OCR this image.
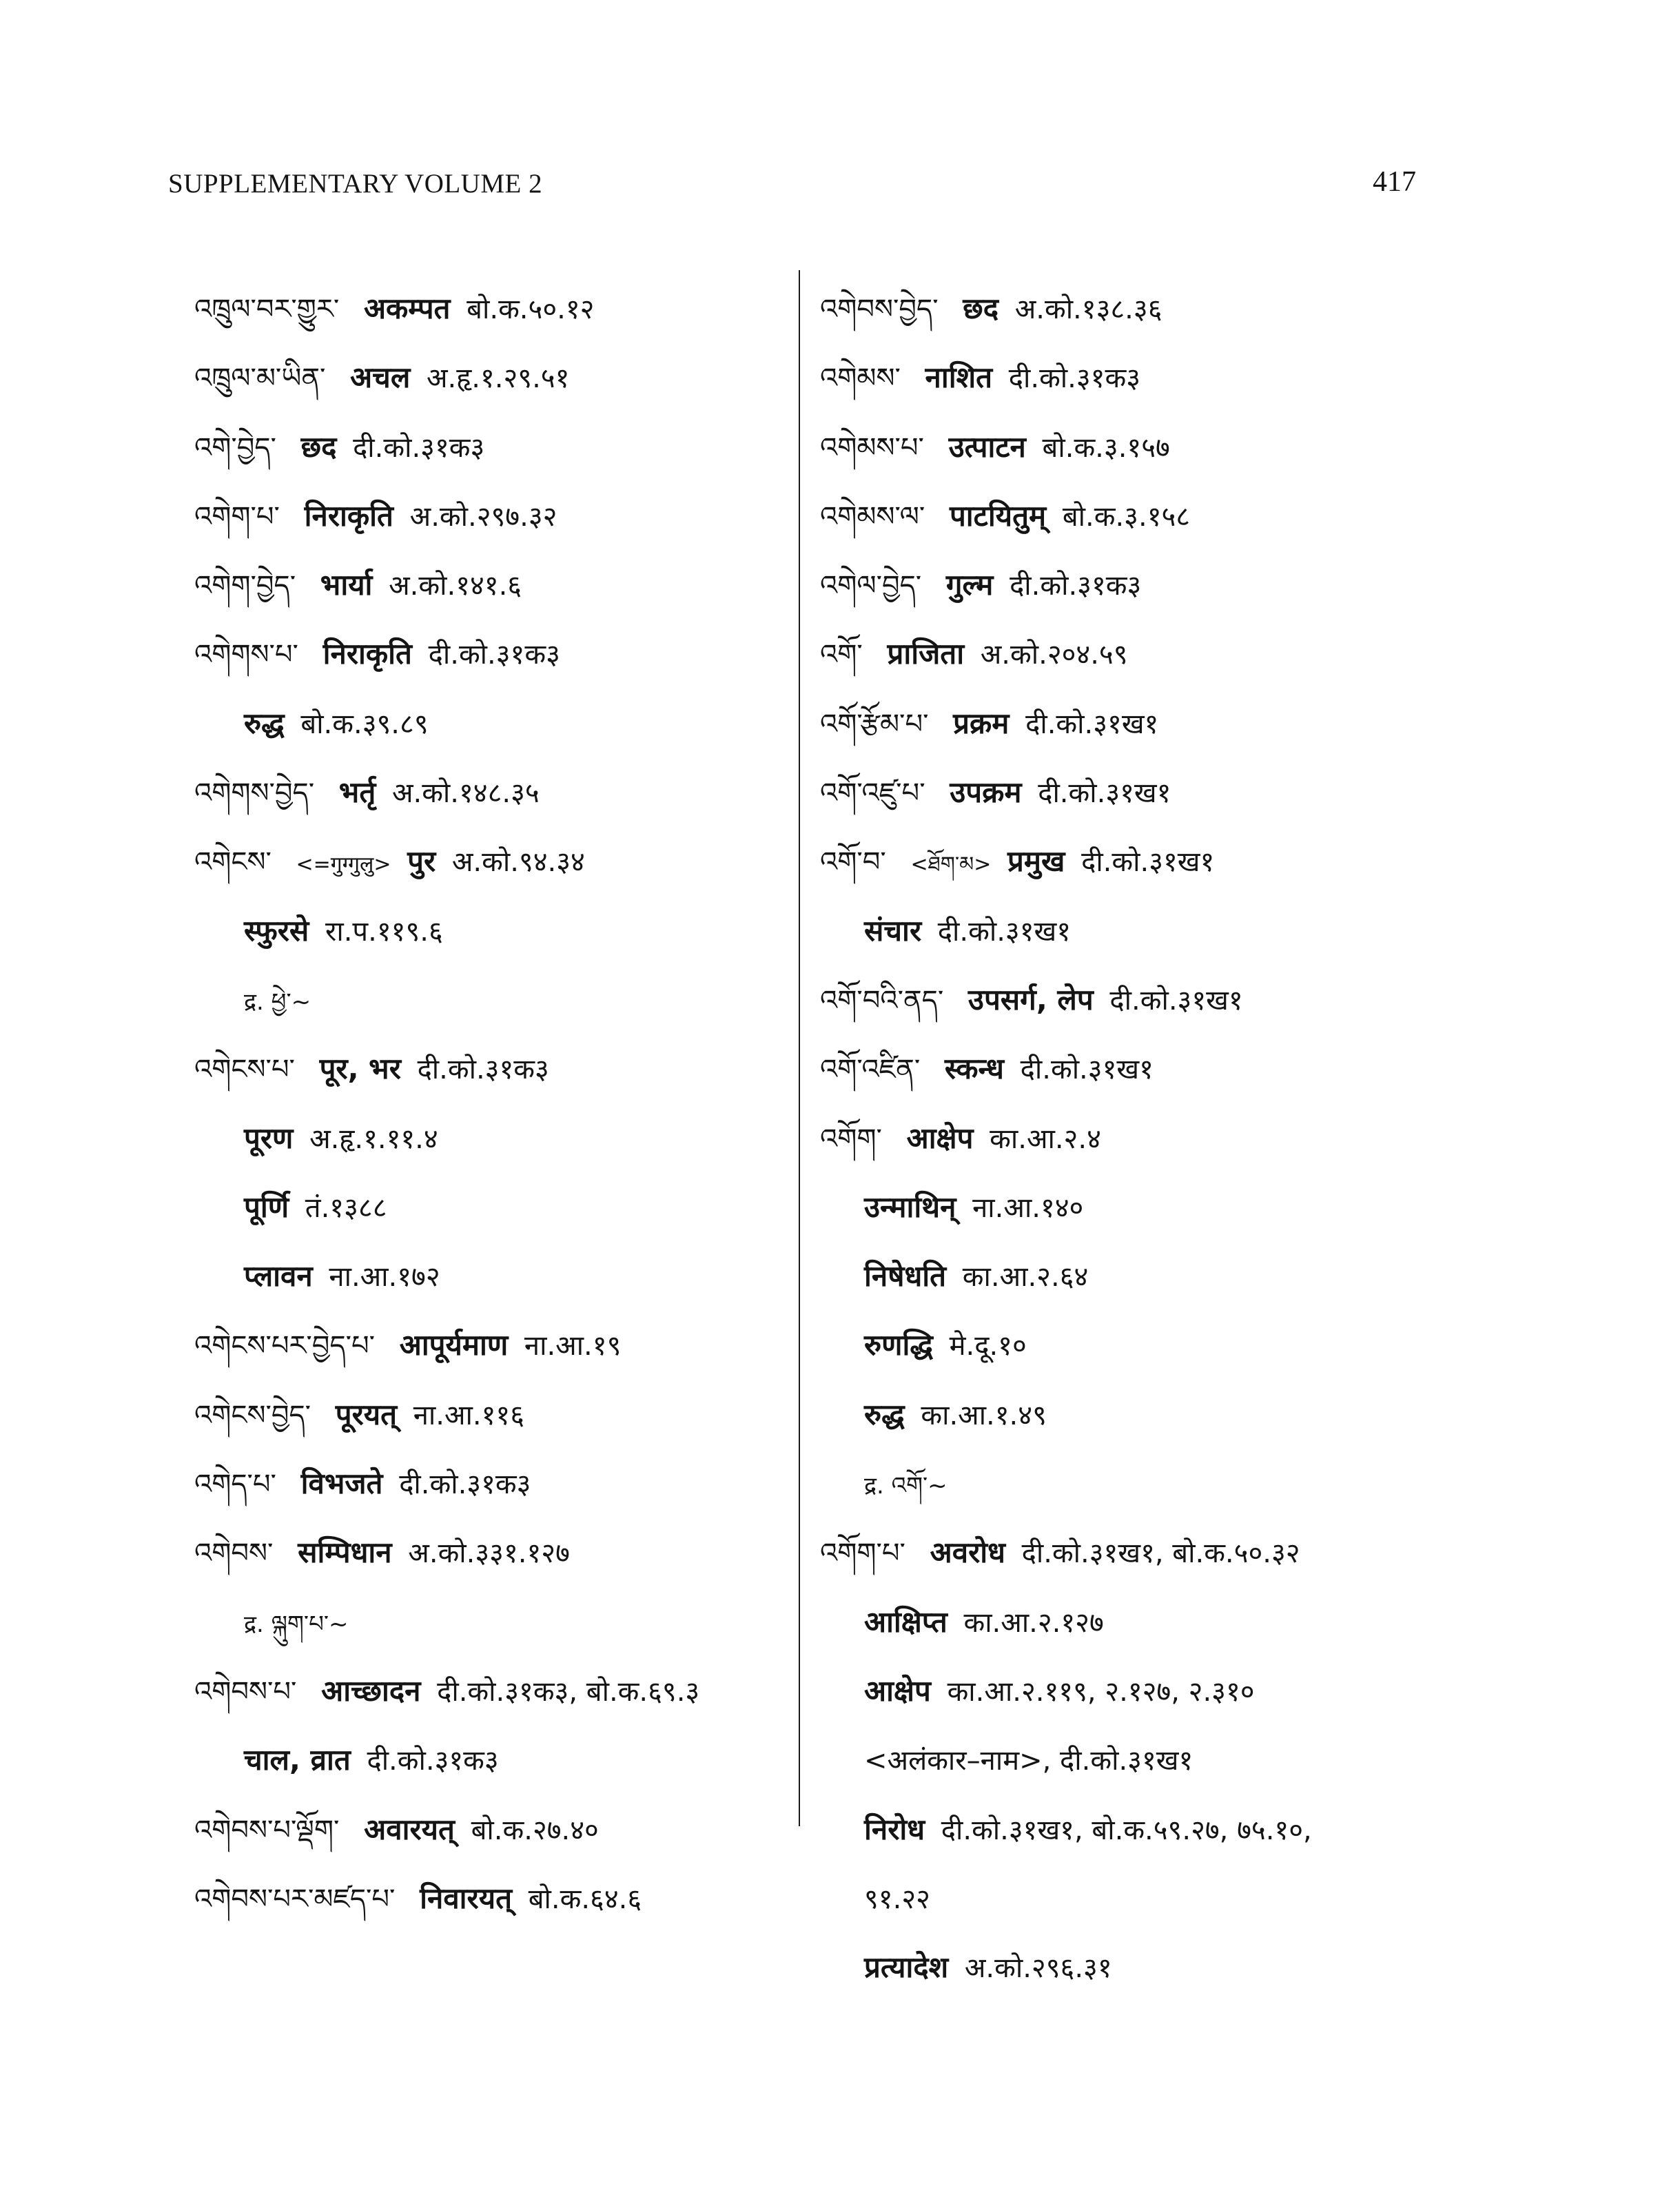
SUPPLEMENTARY VOLUME 2	417
འཁྲུལ་བར་གྱུར་ अकम्पत बो.क.५०.१२
འཁྲུལ་མ་ཡིན་ अचल अ.हृ.१.२९.५१
འགེ་བྱེད་ छद दी.को.३१क३
འགེག་པ་ निराकृति अ.को.२९७.३२
འགེག་བྱེད་ भार्या अ.को.१४१.६
འགེགས་པ་ निराकृति दी.को.३१क३
रुद्ध बो.क.३९.८९
འགེགས་བྱེད་ भर्तृ अ.को.१४८.३५
འགེངས་ <=गुग्गुलु> पुर अ.को.९४.३४
स्फुरसे रा.प.११९.६
द्र. ཕྱེ་~
འགེངས་པ་ पूर, भर दी.को.३१क३
पूरण अ.हृ.१.११.४
पूर्णि तं.१३८८
प्लावन ना.आ.१७२
འགེངས་པར་བྱེད་པ་ आपूर्यमाण ना.आ.१९
འགེངས་བྱེད་ पूरयत् ना.आ.११६
འགེད་པ་ विभजते दी.को.३१क३
འགེབས་ सम्पिधान अ.को.३३१.१२७
द्र. ལྐུག་པ་~
འགེབས་པ་ आच्छादन दी.को.३१क३, बो.क.६९.३
चाल, व्रात दी.को.३१क३
འགེབས་པ་ལྡོག་ अवारयत् बो.क.२७.४०
འགེབས་པར་མཛད་པ་ निवारयत् बो.क.६४.६
འགེབས་བྱེད་ छद अ.को.१३८.३६
འགེམས་ नाशित दी.को.३१क३
འགེམས་པ་ उत्पाटन बो.क.३.१५७
འགེམས་ལ་ पाटयितुम् बो.क.३.१५८
འགེལ་བྱེད་ गुल्म दी.को.३१क३
འགོ་ प्राजिता अ.को.२०४.५९
འགོ་རྩོམ་པ་ प्रक्रम दी.को.३१ख१
འགོ་འཛུ་པ་ उपक्रम दी.को.३१ख१
འགོ་བ་ <ཐོག་མ> प्रमुख दी.को.३१ख१
संचार दी.को.३१ख१
འགོ་བའི་ནད་ उपसर्ग, लेप दी.को.३१ख१
འགོ་འཛིན་ स्कन्ध दी.को.३१ख१
འགོག་ आक्षेप का.आ.२.४
उन्माथिन् ना.आ.१४०
निषेधति का.आ.२.६४
रुणद्धि मे.दू.१०
रुद्ध का.आ.१.४९
द्र. འགོ་~
འགོག་པ་ अवरोध दी.को.३१ख१, बो.क.५०.३२
आक्षिप्त का.आ.२.१२७
आक्षेप का.आ.२.११९, २.१२७, २.३१०
<अलंकार–नाम>, दी.को.३१ख१
निरोध दी.को.३१ख१, बो.क.५९.२७, ७५.१०,
९१.२२
प्रत्यादेश अ.को.२९६.३१
